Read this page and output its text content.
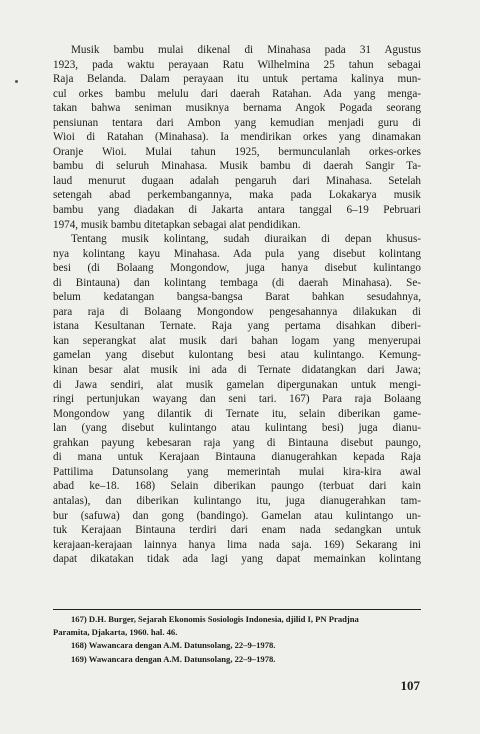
Musik bambu mulai dikenal di Minahasa pada 31 Agustus
1923, pada waktu perayaan Ratu Wilhelmina 25 tahun sebagai
Raja Belanda. Dalam perayaan itu untuk pertama kalinya mun-
cul orkes bambu melulu dari daerah Ratahan. Ada yang menga-
takan bahwa seniman musiknya bernama Angok Pogada seorang
pensiunan tentara dari Ambon yang kemudian menjadi guru di
Wioi di Ratahan (Minahasa). Ia mendirikan orkes yang dinamakan
Oranje Wioi. Mulai tahun 1925, bermunculanlah orkes-orkes
bambu di seluruh Minahasa. Musik bambu di daerah Sangir Ta-
laud menurut dugaan adalah pengaruh dari Minahasa. Setelah
setengah abad perkembangannya, maka pada Lokakarya musik
bambu yang diadakan di Jakarta antara tanggal 6–19 Pebruari
1974, musik bambu ditetapkan sebagai alat pendidikan.

Tentang musik kolintang, sudah diuraikan di depan khusus-
nya kolintang kayu Minahasa. Ada pula yang disebut kolintang
besi (di Bolaang Mongondow, juga hanya disebut kulintango
di Bintauna) dan kolintang tembaga (di daerah Minahasa). Se-
belum kedatangan bangsa-bangsa Barat bahkan sesudahnya,
para raja di Bolaang Mongondow pengesahannya dilakukan di
istana Kesultanan Ternate. Raja yang pertama disahkan diberi-
kan seperangkat alat musik dari bahan logam yang menyerupai
gamelan yang disebut kulontang besi atau kulintango. Kemung-
kinan besar alat musik ini ada di Ternate didatangkan dari Jawa;
di Jawa sendiri, alat musik gamelan dipergunakan untuk mengi-
ringi pertunjukan wayang dan seni tari. 167) Para raja Bolaang
Mongondow yang dilantik di Ternate itu, selain diberikan game-
lan (yang disebut kulintango atau kulintang besi) juga dianu-
grahkan payung kebesaran raja yang di Bintauna disebut paungo,
di mana untuk Kerajaan Bintauna dianugerahkan kepada Raja
Pattilima Datunsolang yang memerintah mulai kira-kira awal
abad ke–18. 168) Selain diberikan paungo (terbuat dari kain
antalas), dan diberikan kulintango itu, juga dianugerahkan tam-
bur (safuwa) dan gong (bandingo). Gamelan atau kulintango un-
tuk Kerajaan Bintauna terdiri dari enam nada sedangkan untuk
kerajaan-kerajaan lainnya hanya lima nada saja. 169) Sekarang ini
dapat dikatakan tidak ada lagi yang dapat memainkan kolintang

167) D.H. Burger, Sejarah Ekonomis Sosiologis Indonesia, djilid I, PN Pradjna
Paramita, Djakarta, 1960. hal. 46.
168) Wawancara dengan A.M. Datunsolang, 22–9–1978.
169) Wawancara dengan A.M. Datunsolang, 22–9–1978.
107
